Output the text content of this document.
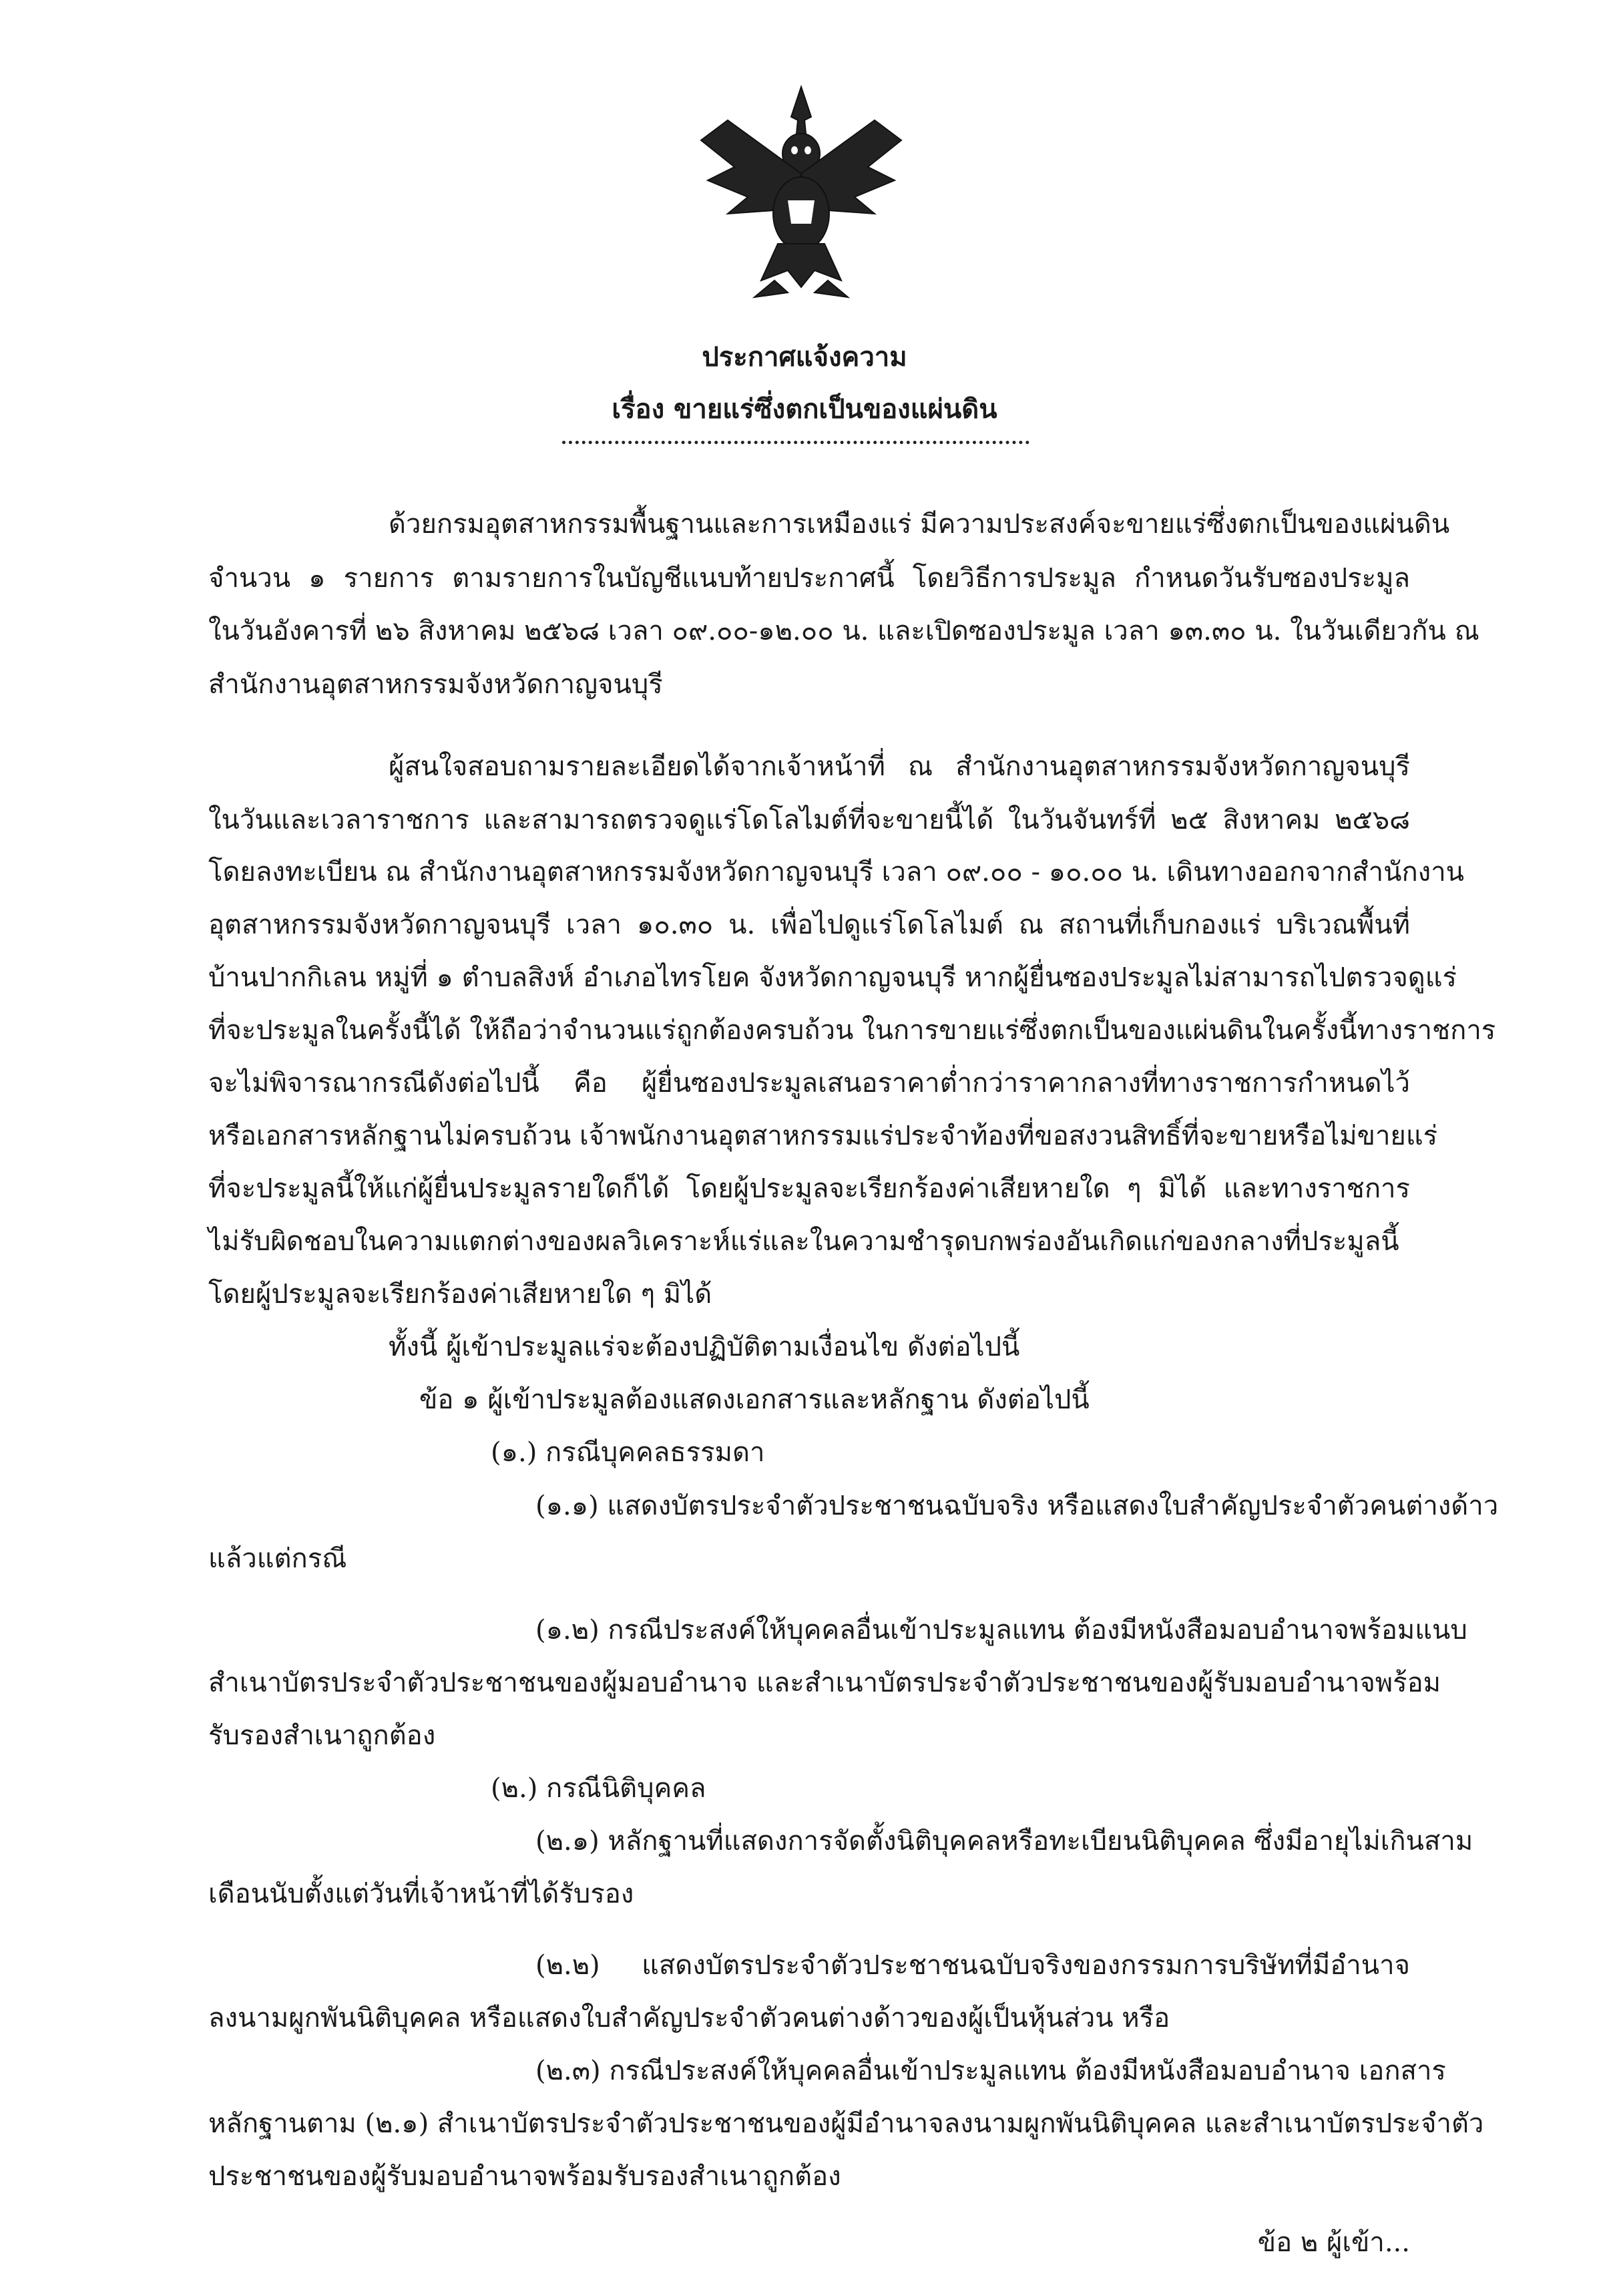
ประกาศแจ้งความ
เรื่อง ขายแร่ซึ่งตกเป็นของแผ่นดิน
ด้วยกรมอุตสาหกรรมพื้นฐานและการเหมืองแร่ มีความประสงค์จะขายแร่ซึ่งตกเป็นของแผ่นดิน
จำนวน ๑ รายการ ตามรายการในบัญชีแนบท้ายประกาศนี้ โดยวิธีการประมูล กำหนดวันรับซองประมูล
ในวันอังคารที่ ๒๖ สิงหาคม ๒๕๖๘ เวลา ๐๙.๐๐-๑๒.๐๐ น. และเปิดซองประมูล เวลา ๑๓.๓๐ น. ในวันเดียวกัน ณ
สำนักงานอุตสาหกรรมจังหวัดกาญจนบุรี
ผู้สนใจสอบถามรายละเอียดได้จากเจ้าหน้าที่ ณ สำนักงานอุตสาหกรรมจังหวัดกาญจนบุรี
ในวันและเวลาราชการ และสามารถตรวจดูแร่โดโลไมต์ที่จะขายนี้ได้ ในวันจันทร์ที่ ๒๕ สิงหาคม ๒๕๖๘
โดยลงทะเบียน ณ สำนักงานอุตสาหกรรมจังหวัดกาญจนบุรี เวลา ๐๙.๐๐ - ๑๐.๐๐ น. เดินทางออกจากสำนักงาน
อุตสาหกรรมจังหวัดกาญจนบุรี เวลา ๑๐.๓๐ น. เพื่อไปดูแร่โดโลไมต์ ณ สถานที่เก็บกองแร่ บริเวณพื้นที่
บ้านปากกิเลน หมู่ที่ ๑ ตำบลสิงห์ อำเภอไทรโยค จังหวัดกาญจนบุรี หากผู้ยื่นซองประมูลไม่สามารถไปตรวจดูแร่
ที่จะประมูลในครั้งนี้ได้ ให้ถือว่าจำนวนแร่ถูกต้องครบถ้วน ในการขายแร่ซึ่งตกเป็นของแผ่นดินในครั้งนี้ทางราชการ
จะไม่พิจารณากรณีดังต่อไปนี้ คือ ผู้ยื่นซองประมูลเสนอราคาต่ำกว่าราคากลางที่ทางราชการกำหนดไว้
หรือเอกสารหลักฐานไม่ครบถ้วน เจ้าพนักงานอุตสาหกรรมแร่ประจำท้องที่ขอสงวนสิทธิ์ที่จะขายหรือไม่ขายแร่
ที่จะประมูลนี้ให้แก่ผู้ยื่นประมูลรายใดก็ได้ โดยผู้ประมูลจะเรียกร้องค่าเสียหายใด ๆ มิได้ และทางราชการ
ไม่รับผิดชอบในความแตกต่างของผลวิเคราะห์แร่และในความชำรุดบกพร่องอันเกิดแก่ของกลางที่ประมูลนี้
โดยผู้ประมูลจะเรียกร้องค่าเสียหายใด ๆ มิได้
ทั้งนี้ ผู้เข้าประมูลแร่จะต้องปฏิบัติตามเงื่อนไข ดังต่อไปนี้
ข้อ ๑ ผู้เข้าประมูลต้องแสดงเอกสารและหลักฐาน ดังต่อไปนี้
(๑.) กรณีบุคคลธรรมดา
(๑.๑) แสดงบัตรประจำตัวประชาชนฉบับจริง หรือแสดงใบสำคัญประจำตัวคนต่างด้าว
แล้วแต่กรณี
(๑.๒) กรณีประสงค์ให้บุคคลอื่นเข้าประมูลแทน ต้องมีหนังสือมอบอำนาจพร้อมแนบ
สำเนาบัตรประจำตัวประชาชนของผู้มอบอำนาจ และสำเนาบัตรประจำตัวประชาชนของผู้รับมอบอำนาจพร้อม
รับรองสำเนาถูกต้อง
(๒.) กรณีนิติบุคคล
(๒.๑) หลักฐานที่แสดงการจัดตั้งนิติบุคคลหรือทะเบียนนิติบุคคล ซึ่งมีอายุไม่เกินสาม
เดือนนับตั้งแต่วันที่เจ้าหน้าที่ได้รับรอง
(๒.๒) แสดงบัตรประจำตัวประชาชนฉบับจริงของกรรมการบริษัทที่มีอำนาจ
ลงนามผูกพันนิติบุคคล หรือแสดงใบสำคัญประจำตัวคนต่างด้าวของผู้เป็นหุ้นส่วน หรือ
(๒.๓) กรณีประสงค์ให้บุคคลอื่นเข้าประมูลแทน ต้องมีหนังสือมอบอำนาจ เอกสาร
หลักฐานตาม (๒.๑) สำเนาบัตรประจำตัวประชาชนของผู้มีอำนาจลงนามผูกพันนิติบุคคล และสำเนาบัตรประจำตัว
ประชาชนของผู้รับมอบอำนาจพร้อมรับรองสำเนาถูกต้อง
ข้อ ๒ ผู้เข้า...
